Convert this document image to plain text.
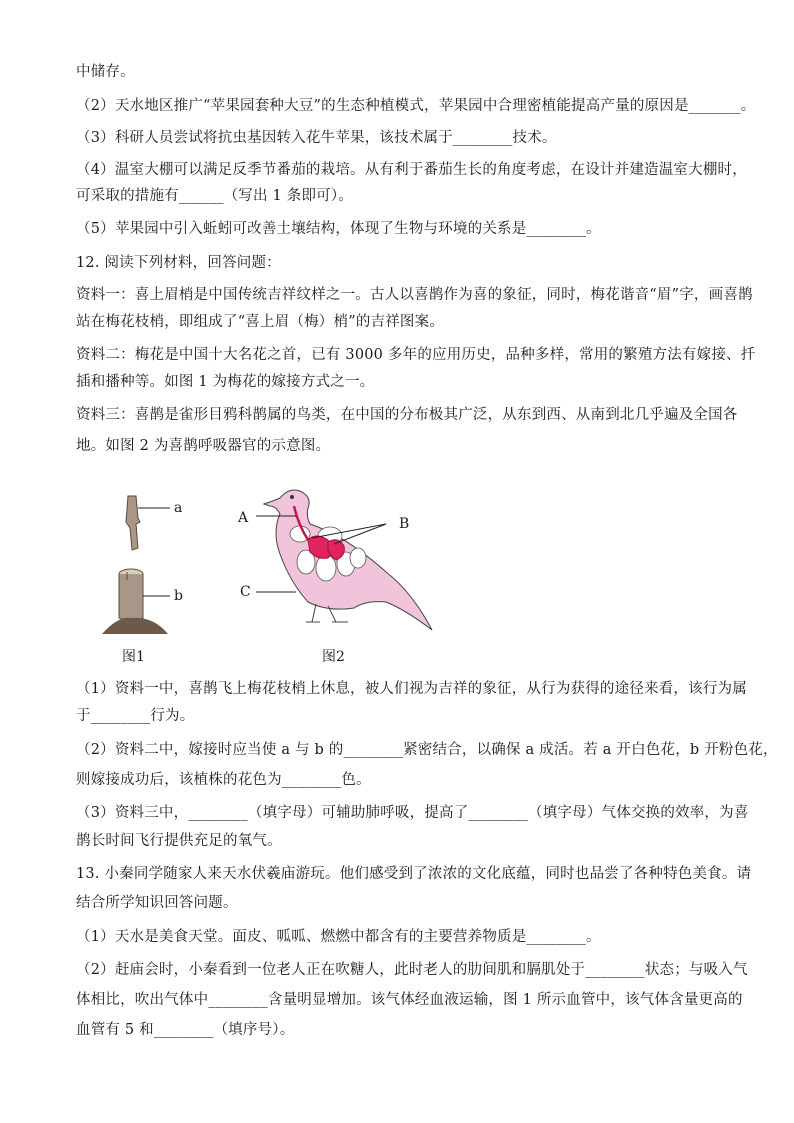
中储存。
（2）天水地区推广“苹果园套种大豆”的生态种植模式，苹果园中合理密植能提高产量的原因是_______。
（3）科研人员尝试将抗虫基因转入花牛苹果，该技术属于________技术。
（4）温室大棚可以满足反季节番茄的栽培。从有利于番茄生长的角度考虑，在设计并建造温室大棚时，
可采取的措施有______（写出 1 条即可）。
（5）苹果园中引入蚯蚓可改善土壤结构，体现了生物与环境的关系是________。
12. 阅读下列材料，回答问题：
资料一：喜上眉梢是中国传统吉祥纹样之一。古人以喜鹊作为喜的象征，同时，梅花谐音“眉”字，画喜鹊
站在梅花枝梢，即组成了“喜上眉（梅）梢”的吉祥图案。
资料二：梅花是中国十大名花之首，已有 3000 多年的应用历史，品种多样，常用的繁殖方法有嫁接、扦
插和播种等。如图 1 为梅花的嫁接方式之一。
资料三：喜鹊是雀形目鸦科鹊属的鸟类，在中国的分布极其广泛，从东到西、从南到北几乎遍及全国各
地。如图 2 为喜鹊呼吸器官的示意图。
a
b
图1
A	B
C
图2
（1）资料一中，喜鹊飞上梅花枝梢上休息，被人们视为吉祥的象征，从行为获得的途径来看，该行为属
于________行为。
（2）资料二中，嫁接时应当使 a 与 b 的________紧密结合，以确保 a 成活。若 a 开白色花，b 开粉色花，
则嫁接成功后，该植株的花色为________色。
（3）资料三中，________（填字母）可辅助肺呼吸，提高了________（填字母）气体交换的效率，为喜
鹊长时间飞行提供充足的氧气。
13. 小秦同学随家人来天水伏羲庙游玩。他们感受到了浓浓的文化底蕴，同时也品尝了各种特色美食。请
结合所学知识回答问题。
（1）天水是美食天堂。面皮、呱呱、燃燃中都含有的主要营养物质是________。
（2）赶庙会时，小秦看到一位老人正在吹糖人，此时老人的肋间肌和膈肌处于________状态；与吸入气
体相比，吹出气体中________含量明显增加。该气体经血液运输，图 1 所示血管中，该气体含量更高的
血管有 5 和________（填序号）。
